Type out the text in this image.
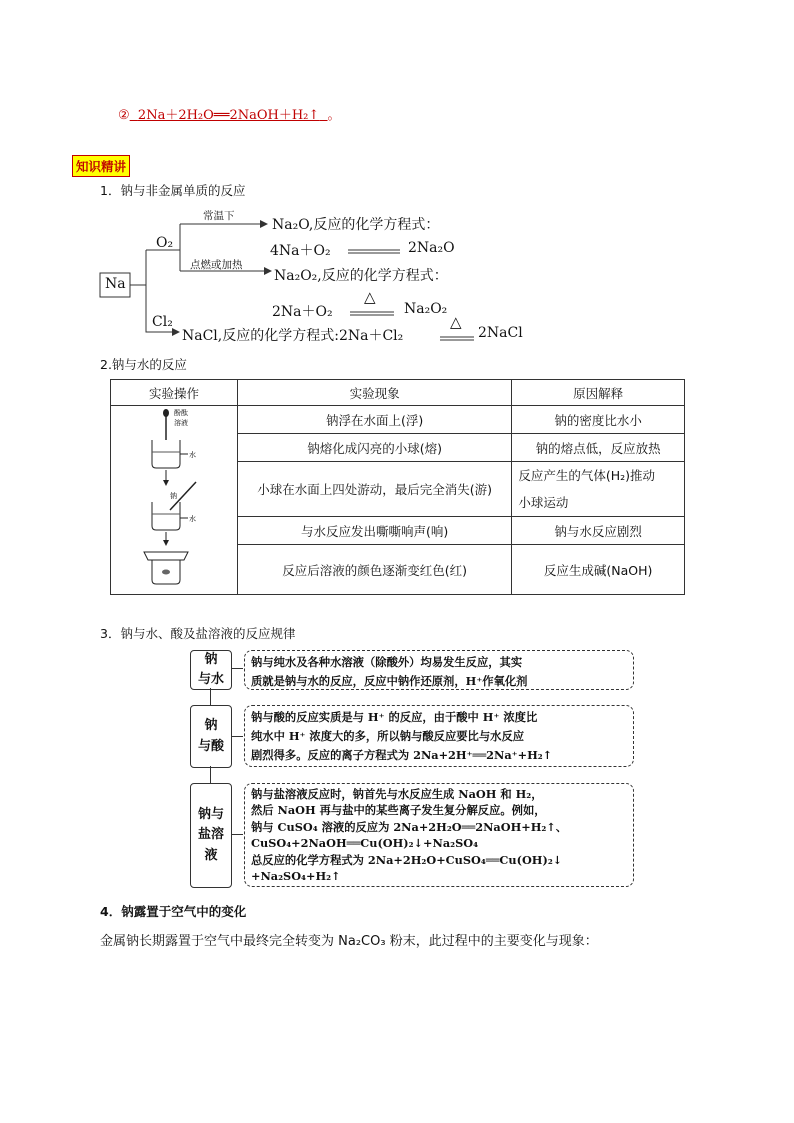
② 2Na＋2H₂O══2NaOH＋H₂↑ 。
知识精讲
1．钠与非金属单质的反应
Na
O₂
Cl₂
常温下
点燃或加热
Na₂O,反应的化学方程式：
4Na＋O₂	2Na₂O
Na₂O₂,反应的化学方程式：
2Na＋O₂
△
Na₂O₂
NaCl,反应的化学方程式:2Na＋Cl₂
△
2NaCl
2.钠与水的反应
实验操作	实验现象	原因解释

酚酞
溶液
水
钠
水	钠浮在水面上(浮)	钠的密度比水小
	钠熔化成闪亮的小球(熔)	钠的熔点低，反应放热
	小球在水面上四处游动，最后完全消失(游)	反应产生的气体(H₂)推动
小球运动

	与水反应发出嘶嘶响声(响)	钠与水反应剧烈
	反应后溶液的颜色逐渐变红色(红)	反应生成碱(NaOH)
3．钠与水、酸及盐溶液的反应规律
钠
与水
钠
与酸
钠与
盐溶
液
钠与纯水及各种水溶液（除酸外）均易发生反应，其实
质就是钠与水的反应，反应中钠作还原剂，H⁺作氧化剂
钠与酸的反应实质是与 H⁺ 的反应，由于酸中 H⁺ 浓度比
纯水中 H⁺ 浓度大的多，所以钠与酸反应要比与水反应
剧烈得多。反应的离子方程式为 2Na+2H⁺══2Na⁺+H₂↑
钠与盐溶液反应时，钠首先与水反应生成 NaOH 和 H₂，
然后 NaOH 再与盐中的某些离子发生复分解反应。例如，
钠与 CuSO₄ 溶液的反应为 2Na+2H₂O══2NaOH+H₂↑、
CuSO₄+2NaOH══Cu(OH)₂↓+Na₂SO₄
总反应的化学方程式为 2Na+2H₂O+CuSO₄══Cu(OH)₂↓
+Na₂SO₄+H₂↑
4．钠露置于空气中的变化
金属钠长期露置于空气中最终完全转变为 Na₂CO₃ 粉末，此过程中的主要变化与现象：
